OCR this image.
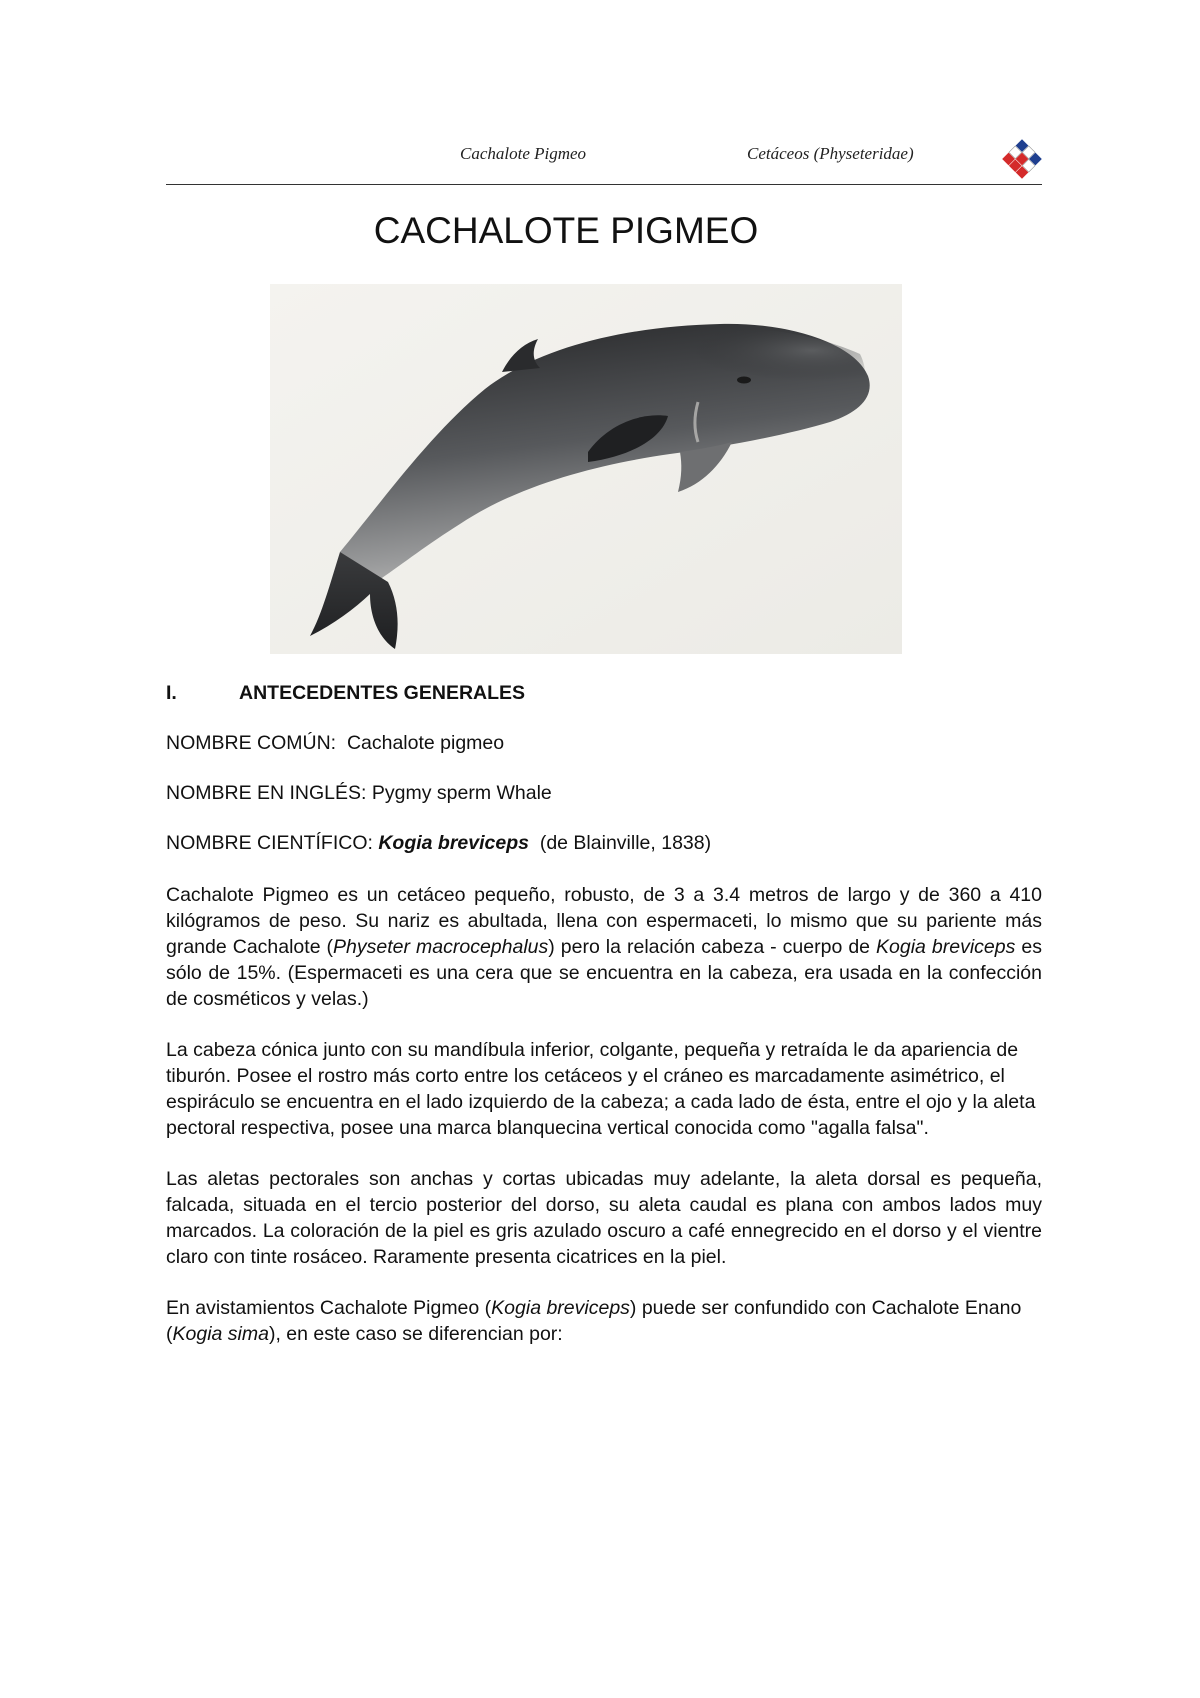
Cachalote Pigmeo	Cetáceos (Physeteridae)
CACHALOTE PIGMEO
I.	ANTECEDENTES GENERALES
NOMBRE COMÚN: Cachalote pigmeo
NOMBRE EN INGLÉS: Pygmy sperm Whale
NOMBRE CIENTÍFICO: Kogia breviceps (de Blainville, 1838)

Cachalote Pigmeo es un cetáceo pequeño, robusto, de 3 a 3.4 metros de largo y de 360 a 410 kilógramos de peso. Su nariz es abultada, llena con espermaceti, lo mismo que su pariente más grande Cachalote (Physeter macrocephalus) pero la relación cabeza - cuerpo de Kogia breviceps es sólo de 15%. (Espermaceti es una cera que se encuentra en la cabeza, era usada en la confección de cosméticos y velas.)

La cabeza cónica junto con su mandíbula inferior, colgante, pequeña y retraída le da apariencia de tiburón. Posee el rostro más corto entre los cetáceos y el cráneo es marcadamente asimétrico, el espiráculo se encuentra en el lado izquierdo de la cabeza; a cada lado de ésta, entre el ojo y la aleta pectoral respectiva, posee una marca blanquecina vertical conocida como "agalla falsa".

Las aletas pectorales son anchas y cortas ubicadas muy adelante, la aleta dorsal es pequeña, falcada, situada en el tercio posterior del dorso, su aleta caudal es plana con ambos lados muy marcados. La coloración de la piel es gris azulado oscuro a café ennegrecido en el dorso y el vientre claro con tinte rosáceo. Raramente presenta cicatrices en la piel.

En avistamientos Cachalote Pigmeo (Kogia breviceps) puede ser confundido con Cachalote Enano (Kogia sima), en este caso se diferencian por:
